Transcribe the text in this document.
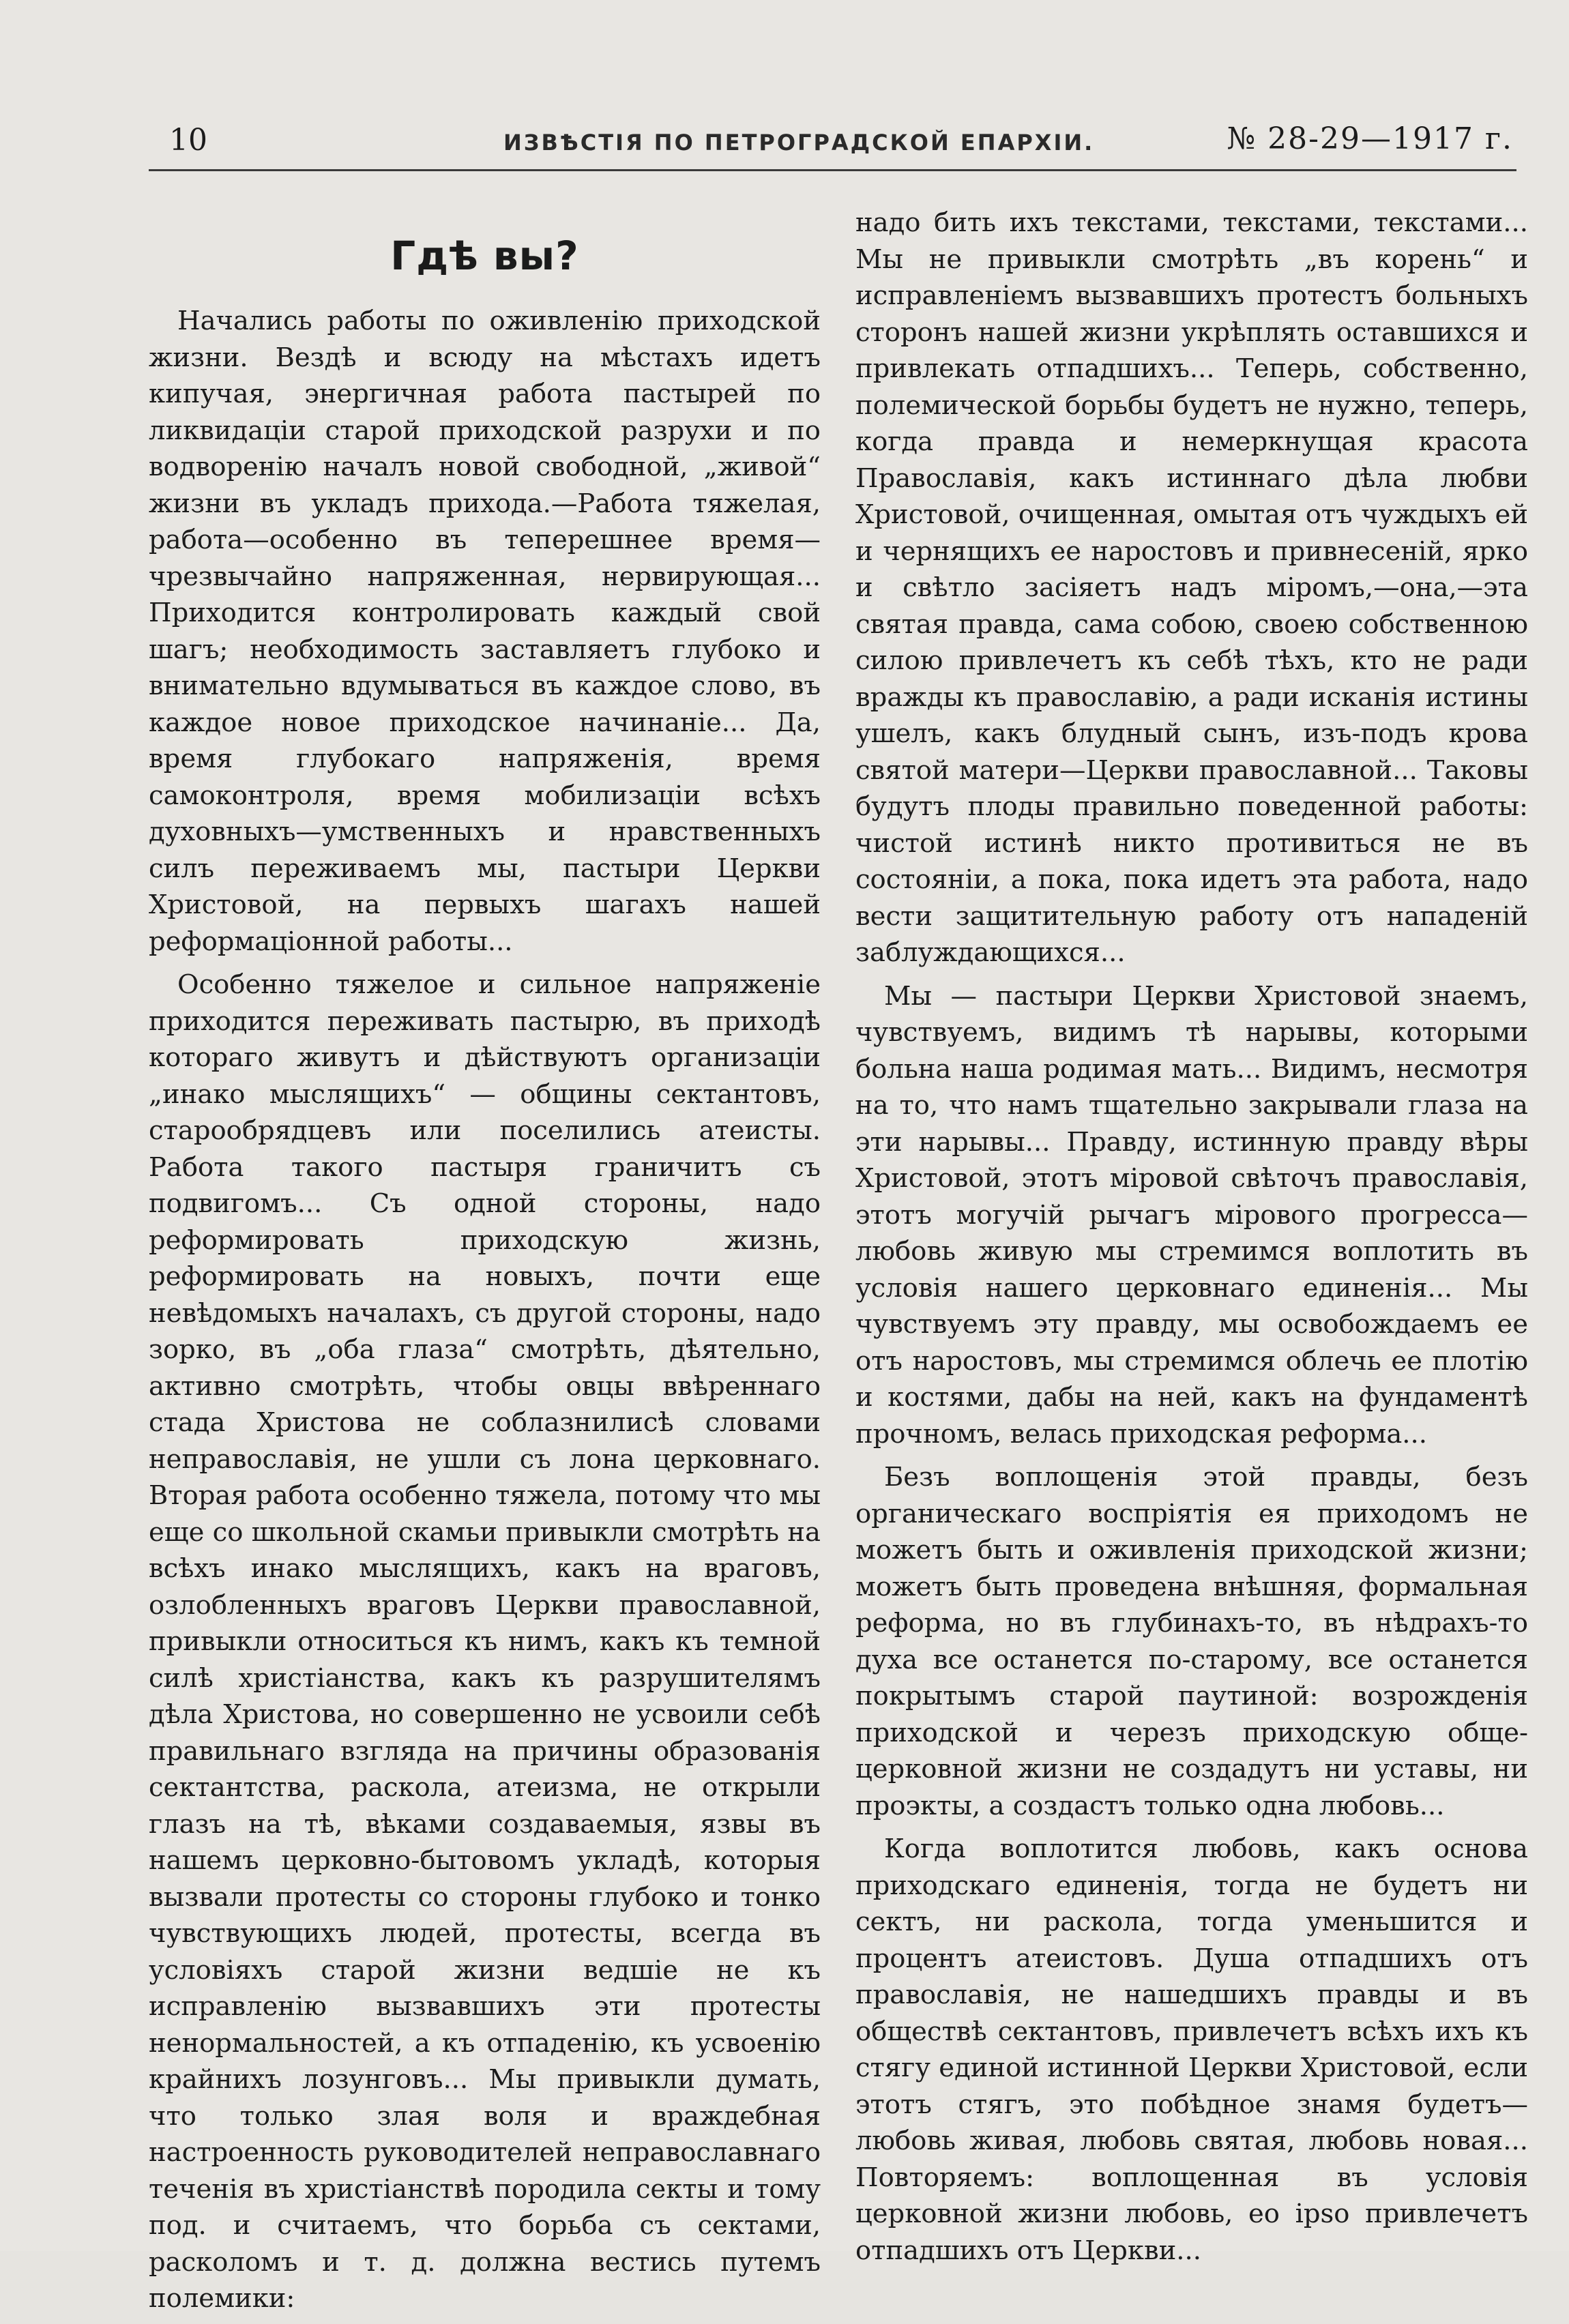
10	ИЗВѢСТІЯ ПО ПЕТРОГРАДСКОЙ ЕПАРХІИ.	№ 28-29—1917 г.
Гдѣ вы?

Начались работы по оживленію приходской жизни. Вездѣ и всюду на мѣстахъ идетъ кипучая, энергичная работа пастырей по ликвидаціи старой приходской разрухи и по водворенію началъ новой свободной, „живой“ жизни въ укладъ прихода.—Работа тяжелая, работа—особенно въ теперешнее время—чрезвычайно напряженная, нервирующая... Приходится контролировать каждый свой шагъ; необходимость заставляетъ глубоко и внимательно вдумываться въ каждое слово, въ каждое новое приходское начинаніе... Да, время глубокаго напряженія, время самоконтроля, время мобилизаціи всѣхъ духовныхъ—умственныхъ и нравственныхъ силъ переживаемъ мы, пастыри Церкви Христовой, на первыхъ шагахъ нашей реформаціонной работы...

Особенно тяжелое и сильное напряженіе приходится переживать пастырю, въ приходѣ котораго живутъ и дѣйствуютъ организаціи „инако мыслящихъ“ — общины сектантовъ, старообрядцевъ или поселились атеисты. Работа такого пастыря граничитъ съ подвигомъ... Съ одной стороны, надо реформировать приходскую жизнь, реформировать на новыхъ, почти еще невѣдомыхъ началахъ, съ другой стороны, надо зорко, въ „оба глаза“ смотрѣть, дѣятельно, активно смотрѣть, чтобы овцы ввѣреннаго стада Христова не соблазнилисѣ словами неправославія, не ушли съ лона церковнаго. Вторая работа особенно тяжела, потому что мы еще со школьной скамьи привыкли смотрѣть на всѣхъ инако мыслящихъ, какъ на враговъ, озлобленныхъ враговъ Церкви православной, привыкли относиться къ нимъ, какъ къ темной силѣ христіанства, какъ къ разрушителямъ дѣла Христова, но совершенно не усвоили себѣ правильнаго взгляда на причины образованія сектантства, раскола, атеизма, не открыли глазъ на тѣ, вѣками создаваемыя, язвы въ нашемъ церковно-бытовомъ укладѣ, которыя вызвали протесты со стороны глубоко и тонко чувствующихъ людей, протесты, всегда въ условіяхъ старой жизни ведшіе не къ исправленію вызвавшихъ эти протесты ненормальностей, а къ отпаденію, къ усвоенію крайнихъ лозунговъ... Мы привыкли думать, что только злая воля и враждебная настроенность руководителей неправославнаго теченія въ христіанствѣ породила секты и тому под. и считаемъ, что борьба съ сектами, расколомъ и т. д. должна вестись путемъ полемики:

надо бить ихъ текстами, текстами, текстами... Мы не привыкли смотрѣть „въ корень“ и исправленіемъ вызвавшихъ протестъ больныхъ сторонъ нашей жизни укрѣплять оставшихся и привлекать отпадшихъ... Теперь, собственно, полемической борьбы будетъ не нужно, теперь, когда правда и немеркнущая красота Православія, какъ истиннаго дѣла любви Христовой, очищенная, омытая отъ чуждыхъ ей и чернящихъ ее наростовъ и привнесеній, ярко и свѣтло засіяетъ надъ міромъ,—она,—эта святая правда, сама собою, своею собственною силою привлечетъ къ себѣ тѣхъ, кто не ради вражды къ православію, а ради исканія истины ушелъ, какъ блудный сынъ, изъ-подъ крова святой матери—Церкви православной... Таковы будутъ плоды правильно поведенной работы: чистой истинѣ никто противиться не въ состояніи, а пока, пока идетъ эта работа, надо вести защитительную работу отъ нападеній заблуждающихся...

Мы — пастыри Церкви Христовой знаемъ, чувствуемъ, видимъ тѣ нарывы, которыми больна наша родимая мать... Видимъ, несмотря на то, что намъ тщательно закрывали глаза на эти нарывы... Правду, истинную правду вѣры Христовой, этотъ міровой свѣточъ православія, этотъ могучій рычагъ мірового прогресса—любовь живую мы стремимся воплотить въ условія нашего церковнаго единенія... Мы чувствуемъ эту правду, мы освобождаемъ ее отъ наростовъ, мы стремимся облечь ее плотію и костями, дабы на ней, какъ на фундаментѣ прочномъ, велась приходская реформа...

Безъ воплощенія этой правды, безъ органическаго воспріятія ея приходомъ не можетъ быть и оживленія приходской жизни; можетъ быть проведена внѣшняя, формальная реформа, но въ глубинахъ-то, въ нѣдрахъ-то духа все останется по-старому, все останется покрытымъ старой паутиной: возрожденія приходской и черезъ приходскую обще-церковной жизни не создадутъ ни уставы, ни проэкты, а создастъ только одна любовь...

Когда воплотится любовь, какъ основа приходскаго единенія, тогда не будетъ ни сектъ, ни раскола, тогда уменьшится и процентъ атеистовъ. Душа отпадшихъ отъ православія, не нашедшихъ правды и въ обществѣ сектантовъ, привлечетъ всѣхъ ихъ къ стягу единой истинной Церкви Христовой, если этотъ стягъ, это побѣдное знамя будетъ—любовь живая, любовь святая, любовь новая... Повторяемъ: воплощенная въ условія церковной жизни любовь, eo ipso привлечетъ отпадшихъ отъ Церкви...
